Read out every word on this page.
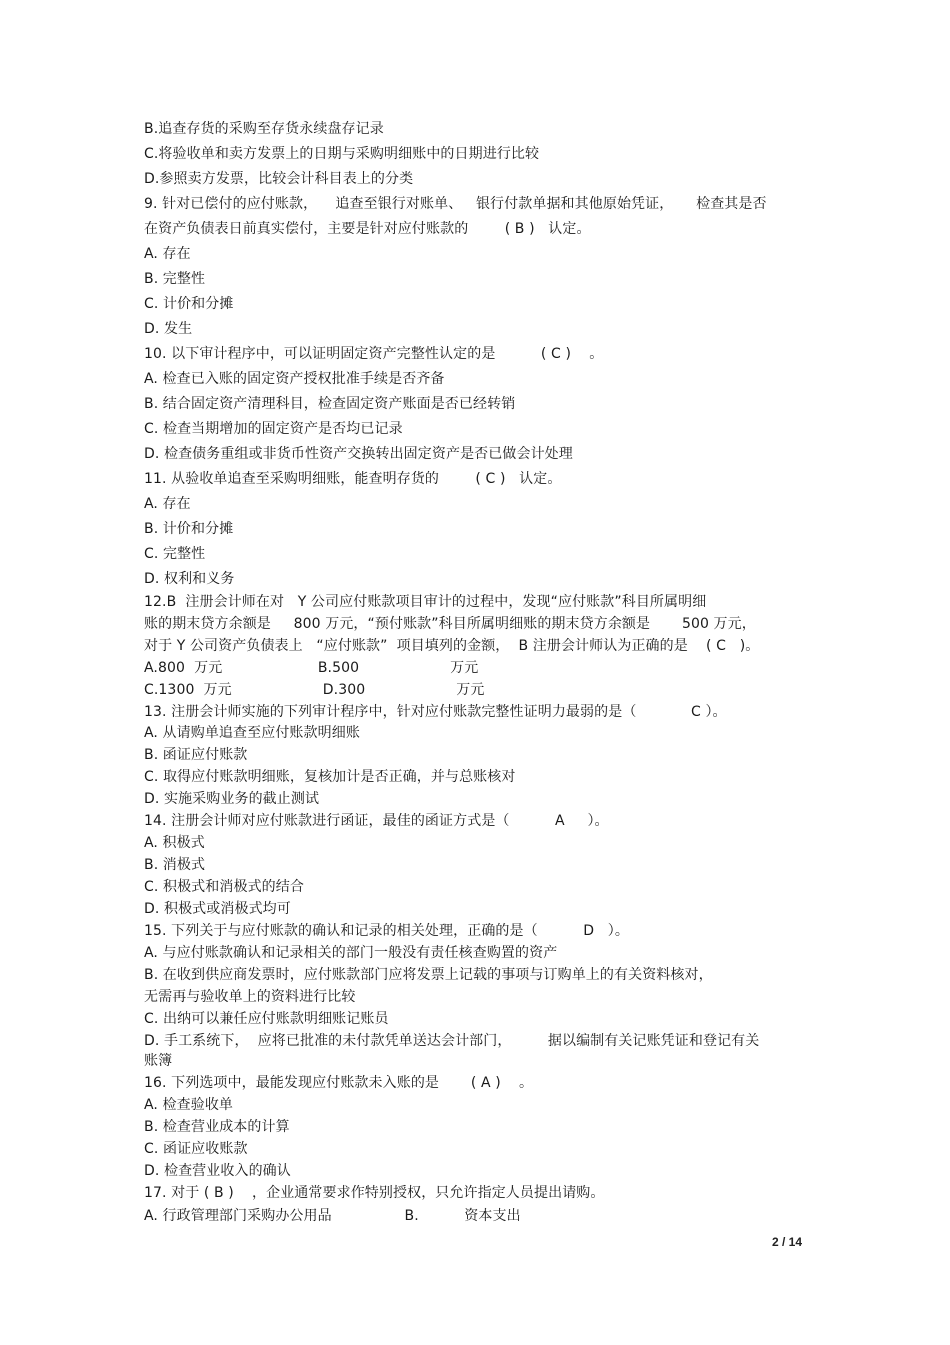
B.追查存货的采购至存货永续盘存记录
C.将验收单和卖方发票上的日期与采购明细账中的日期进行比较
D.参照卖方发票，比较会计科目表上的分类
9. 针对已偿付的应付账款，    追查至银行对账单、   银行付款单据和其他原始凭证，     检查其是否
在资产负债表日前真实偿付，主要是针对应付账款的        ( B )   认定。
A. 存在
B. 完整性
C. 计价和分摊
D. 发生
10. 以下审计程序中，可以证明固定资产完整性认定的是          ( C )    。
A. 检查已入账的固定资产授权批准手续是否齐备
B. 结合固定资产清理科目，检查固定资产账面是否已经转销
C. 检查当期增加的固定资产是否均已记录
D. 检查债务重组或非货币性资产交换转出固定资产是否已做会计处理
11. 从验收单追查至采购明细账，能查明存货的        ( C )   认定。
A. 存在
B. 计价和分摊
C. 完整性
D. 权利和义务
12.B  注册会计师在对   Y 公司应付账款项目审计的过程中，发现“应付账款”科目所属明细
账的期末贷方余额是     800 万元，“预付账款”科目所属明细账的期末贷方余额是       500 万元，
对于 Y 公司资产负债表上   “应付账款”  项目填列的金额，  B 注册会计师认为正确的是    ( C   )。
A.800  万元                     B.500                    万元
C.1300  万元                    D.300                    万元
13. 注册会计师实施的下列审计程序中，针对应付账款完整性证明力最弱的是（            C ）。
A. 从请购单追查至应付账款明细账
B. 函证应付账款
C. 取得应付账款明细账，复核加计是否正确，并与总账核对
D. 实施采购业务的截止测试
14. 注册会计师对应付账款进行函证，最佳的函证方式是（          A     ）。
A. 积极式
B. 消极式
C. 积极式和消极式的结合
D. 积极式或消极式均可
15. 下列关于与应付账款的确认和记录的相关处理，正确的是（          D   ）。
A. 与应付账款确认和记录相关的部门一般没有责任核查购置的资产
B. 在收到供应商发票时，应付账款部门应将发票上记载的事项与订购单上的有关资料核对，
无需再与验收单上的资料进行比较
C. 出纳可以兼任应付账款明细账记账员
D. 手工系统下，  应将已批准的未付款凭单送达会计部门，        据以编制有关记账凭证和登记有关
账簿
16. 下列选项中，最能发现应付账款未入账的是       ( A )    。
A. 检查验收单
B. 检查营业成本的计算
C. 函证应收账款
D. 检查营业收入的确认
17. 对于 ( B )    ，企业通常要求作特别授权，只允许指定人员提出请购。
A. 行政管理部门采购办公用品                B.          资本支出
2 / 14
